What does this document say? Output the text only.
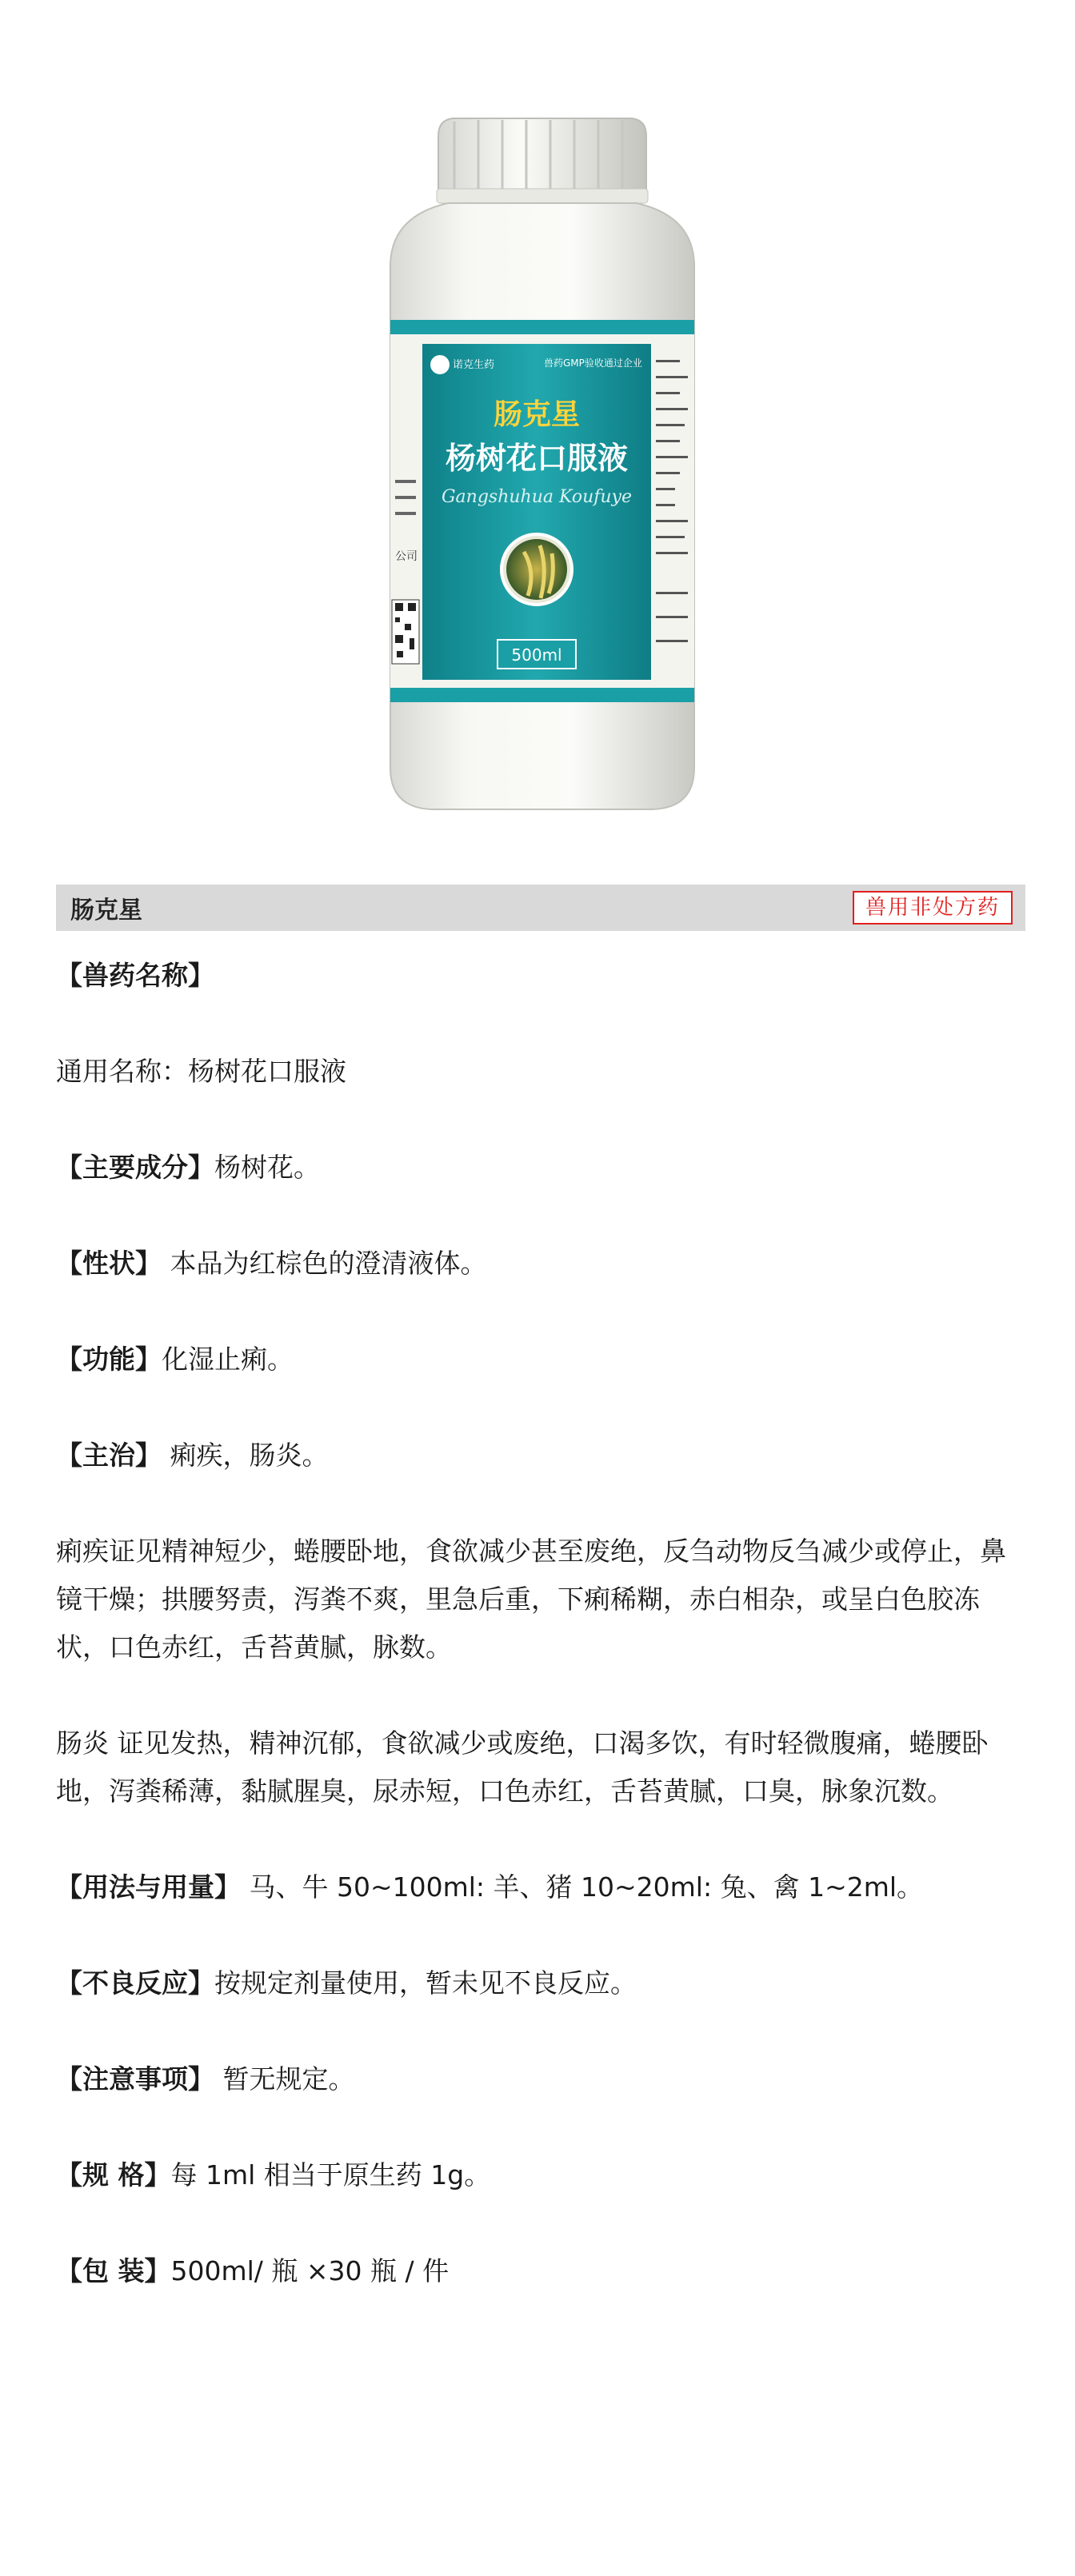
公司
诺克生药	兽药GMP验收通过企业
肠克星
杨树花口服液
Gangshuhua Koufuye
500ml
肠克星	兽用非处方药

【兽药名称】

通用名称：杨树花口服液

【主要成分】杨树花。

【性状】 本品为红棕色的澄清液体。

【功能】化湿止痢。

【主治】 痢疾，肠炎。

痢疾证见精神短少，蜷腰卧地，食欲减少甚至废绝，反刍动物反刍减少或停止，鼻镜干燥；拱腰努责，泻粪不爽，里急后重，下痢稀糊，赤白相杂，或呈白色胶冻状，口色赤红，舌苔黄腻，脉数。

肠炎 证见发热，精神沉郁，食欲减少或废绝，口渴多饮，有时轻微腹痛，蜷腰卧地，泻粪稀薄，黏腻腥臭，尿赤短，口色赤红，舌苔黄腻，口臭，脉象沉数。

【用法与用量】 马、牛 50~100ml: 羊、猪 10~20ml: 兔、禽 1~2ml。

【不良反应】按规定剂量使用，暂未见不良反应。

【注意事项】 暂无规定。

【规 格】每 1ml 相当于原生药 1g。

【包 装】500ml/ 瓶 ×30 瓶 / 件
